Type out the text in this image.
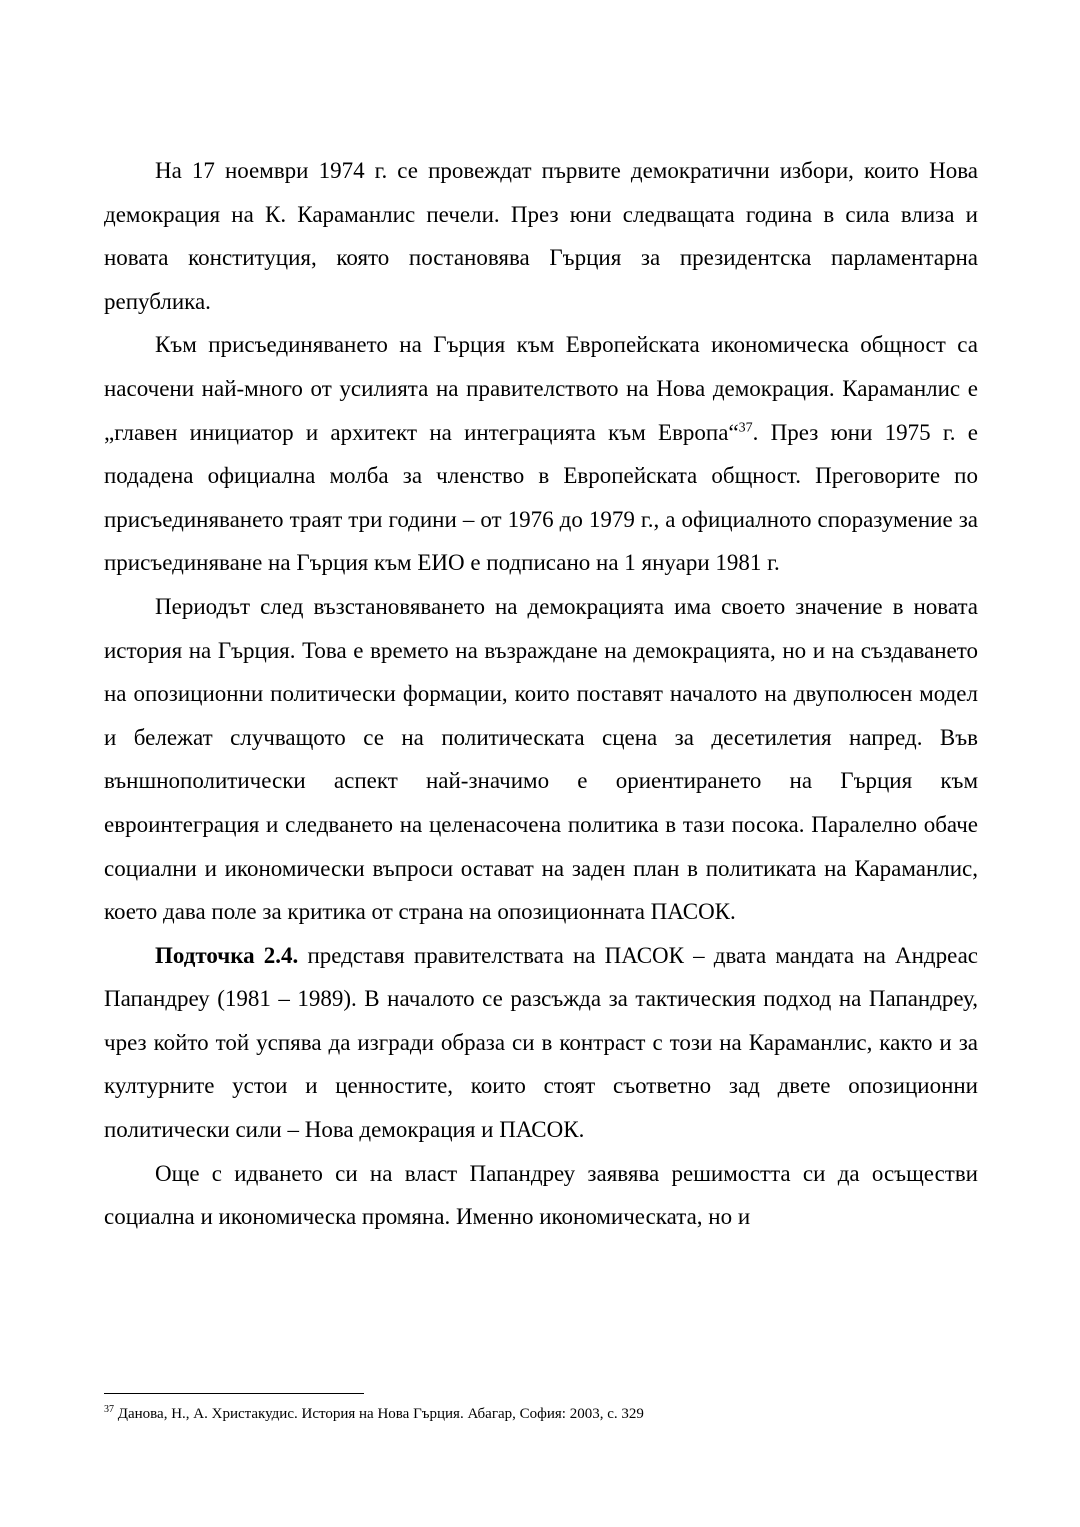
На 17 ноември 1974 г. се провеждат първите демократични избори, които Нова демокрация на К. Караманлис печели. През юни следващата година в сила влиза и новата конституция, която постановява Гърция за президентска парламентарна република.

Към присъединяването на Гърция към Европейската икономическа общност са насочени най-много от усилията на правителството на Нова демокрация. Караманлис е „главен инициатор и архитект на интеграцията към Европа“$^{37}$. През юни 1975 г. е подадена официална молба за членство в Европейската общност. Преговорите по присъединяването траят три години – от 1976 до 1979 г., а официалното споразумение за присъединяване на Гърция към ЕИО е подписано на 1 януари 1981 г.

Периодът след възстановяването на демокрацията има своето значение в новата история на Гърция. Това е времето на възраждане на демокрацията, но и на създаването на опозиционни политически формации, които поставят началото на двуполюсен модел и бележат случващото се на политическата сцена за десетилетия напред. Във външнополитически аспект най-значимо е ориентирането на Гърция към евроинтеграция и следването на целенасочена политика в тази посока. Паралелно обаче социални и икономически въпроси остават на заден план в политиката на Караманлис, което дава поле за критика от страна на опозиционната ПАСОК.

Подточка 2.4. представя правителствата на ПАСОК – двата мандата на Андреас Папандреу (1981 – 1989). В началото се разсъжда за тактическия подход на Папандреу, чрез който той успява да изгради образа си в контраст с този на Караманлис, както и за културните устои и ценностите, които стоят съответно зад двете опозиционни политически сили – Нова демокрация и ПАСОК.

Още с идването си на власт Папандреу заявява решимостта си да осъществи социална и икономическа промяна. Именно икономическата, но и

$^{37}$ Данова, Н., А. Христакудис. История на Нова Гърция. Абагар, София: 2003, с. 329
